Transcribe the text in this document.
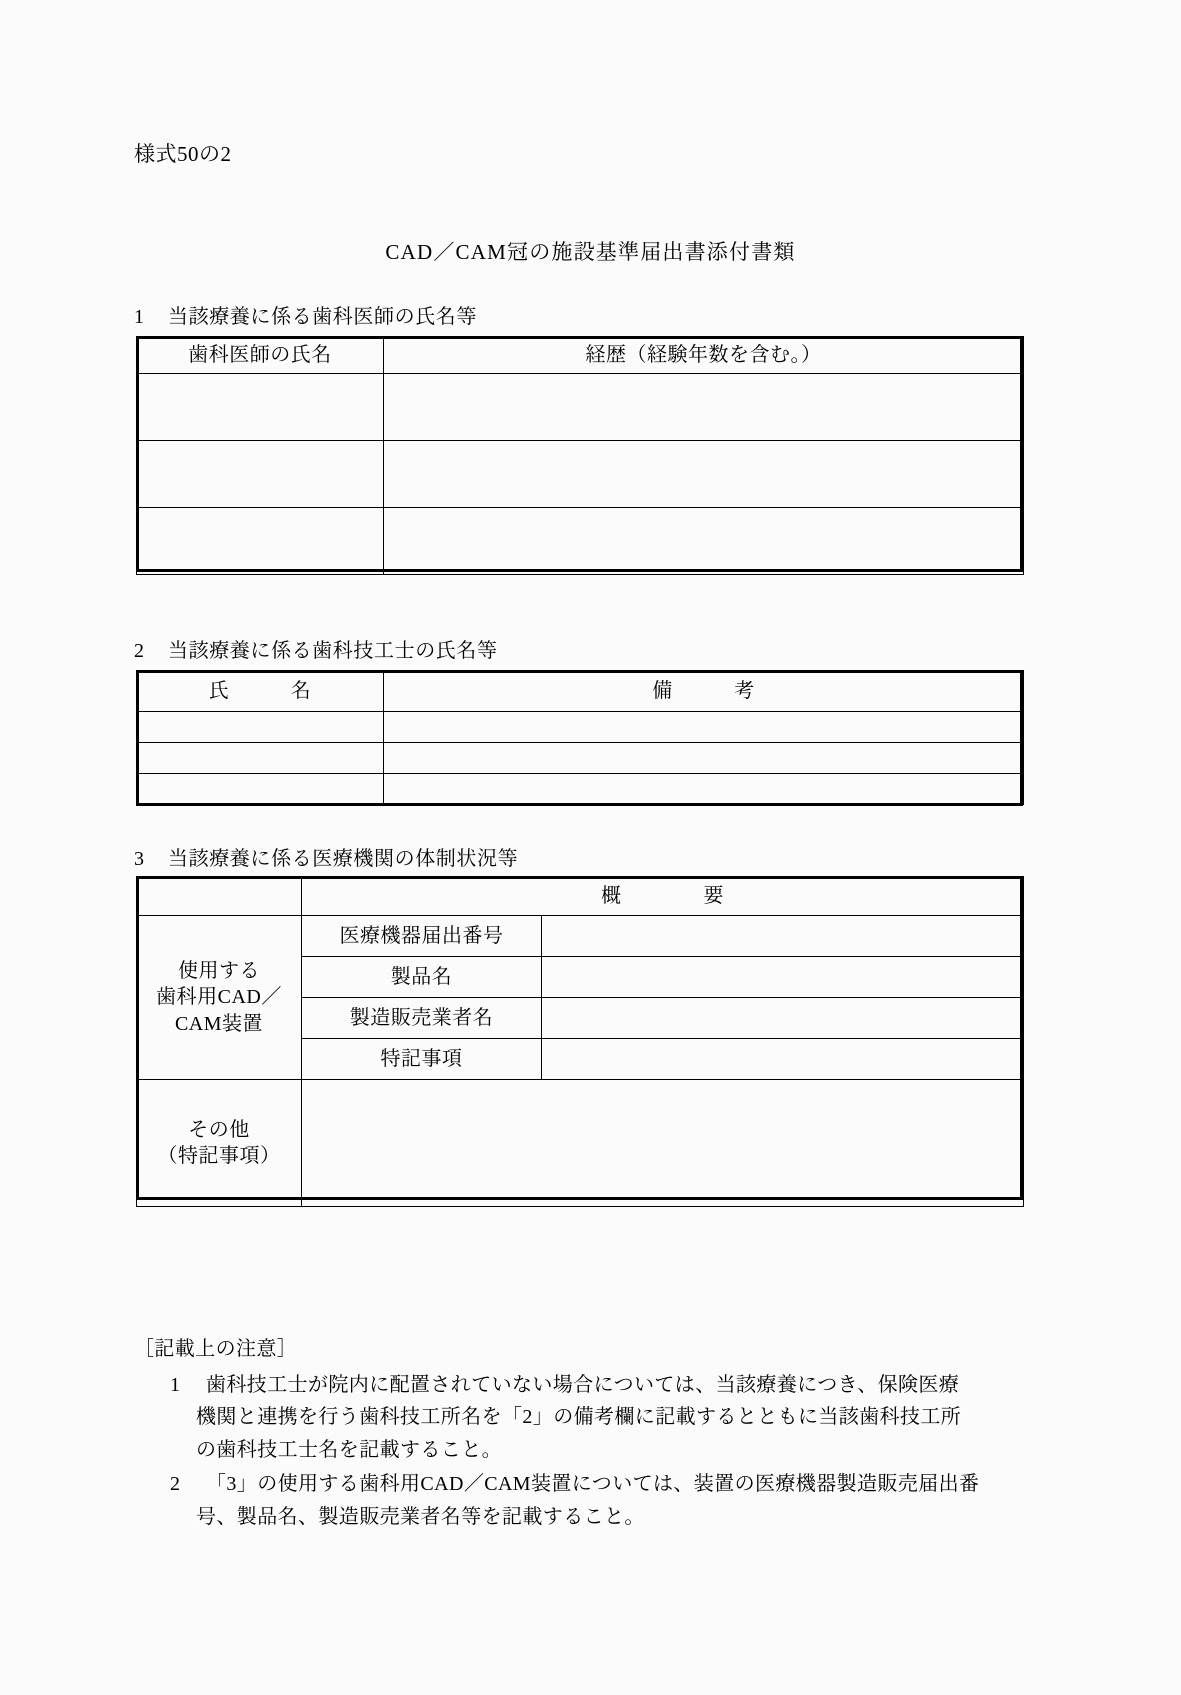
様式50の2
CAD／CAM冠の施設基準届出書添付書類
1 当該療養に係る歯科医師の氏名等
歯科医師の氏名	経歴（経験年数を含む。）

2 当該療養に係る歯科技工士の氏名等
氏　　　名	備　　　考

3 当該療養に係る医療機関の体制状況等
	概　　　　要	

使用する
歯科用CAD／
CAM装置	医療機器届出番号	
	製品名	
	製造販売業者名	
	特記事項	

その他
（特記事項）		

［記載上の注意］
1 歯科技工士が院内に配置されていない場合については、当該療養につき、保険医療
機関と連携を行う歯科技工所名を「2」の備考欄に記載するとともに当該歯科技工所
の歯科技工士名を記載すること。
2 「3」の使用する歯科用CAD／CAM装置については、装置の医療機器製造販売届出番
号、製品名、製造販売業者名等を記載すること。
